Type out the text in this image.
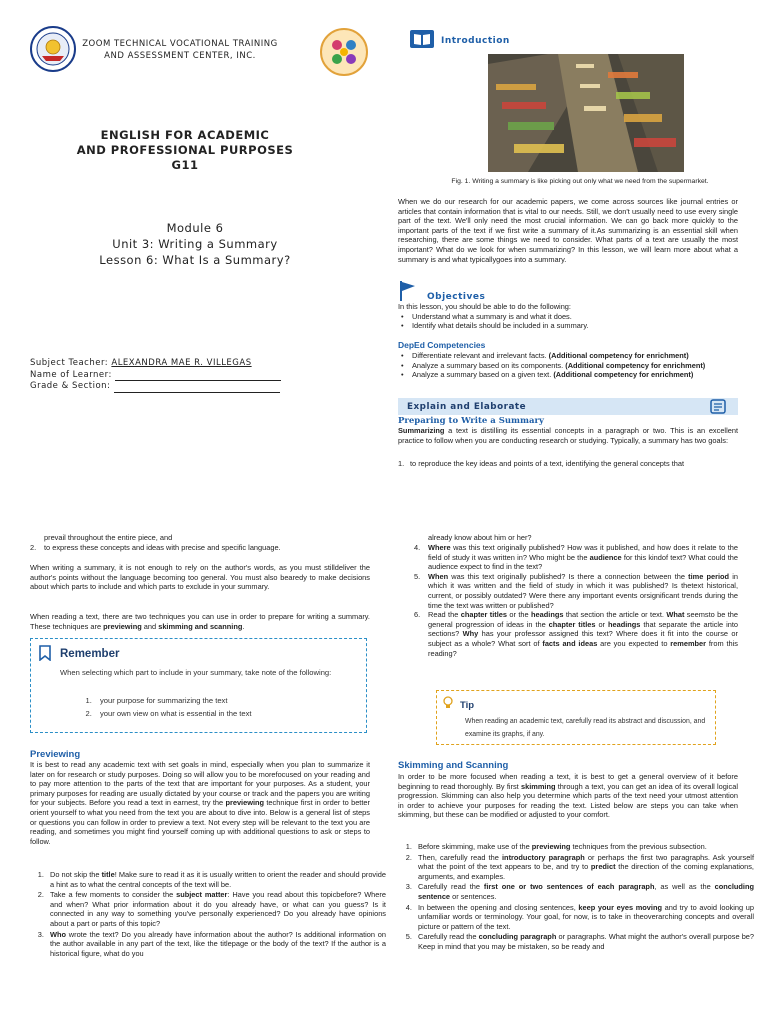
ZOOM TECHNICAL VOCATIONAL TRAINING
AND ASSESSMENT CENTER, INC.
ENGLISH FOR ACADEMIC
AND PROFESSIONAL PURPOSES
G11
Module 6
Unit 3: Writing a Summary
Lesson 6: What Is a Summary?
Subject Teacher: ALEXANDRA MAE R. VILLEGAS
Name of Learner:
Grade & Section:
Introduction
Fig. 1. Writing a summary is like picking out only what we need from the supermarket.
When we do our research for our academic papers, we come across sources like journal entries or articles that contain information that is vital to our needs. Still, we don't usually need to use every single part of the text. We'll only need the most crucial information. We can go back more quickly to the important parts of the text if we first write a summary of it.As summarizing is an essential skill when researching, there are some things we need to consider. What parts of a text are usually the most important? What do we look for when summarizing? In this lesson, we will learn more about what a summary is and what typicallygoes into a summary.
Objectives
In this lesson, you should be able to do the following:
• Understand what a summary is and what it does.
• Identify what details should be included in a summary.
DepEd Competencies
• Differentiate relevant and irrelevant facts. (Additional competency for enrichment)
• Analyze a summary based on its components. (Additional competency for enrichment)
• Analyze a summary based on a given text. (Additional competency for enrichment)
Explain and Elaborate
Preparing to Write a Summary
Summarizing a text is distilling its essential concepts in a paragraph or two. This is an excellent practice to follow when you are conducting research or studying. Typically, a summary has two goals:
1. to reproduce the key ideas and points of a text, identifying the general concepts that
prevail throughout the entire piece, and
2. to express these concepts and ideas with precise and specific language.
When writing a summary, it is not enough to rely on the author's words, as you must stilldeliver the author's points without the language becoming too general. You must also bearedy to make decisions about which parts to include and which parts to exclude in your summary.
When reading a text, there are two techniques you can use in order to prepare for writing a summary. These techniques are previewing and skimming and scanning.
Remember
When selecting which part to include in your summary, take note of the following:
1. your purpose for summarizing the text
2. your own view on what is essential in the text
Previewing
It is best to read any academic text with set goals in mind, especially when you plan to summarize it later on for research or study purposes. Doing so will allow you to be morefocused on your reading and to pay more attention to the parts of the text that are important for your purposes. As a student, your primary purposes for reading are usually dictated by your course or track and the papers you are writing for your subjects. Before you read a text in earnest, try the previewing technique first in order to better orient yourself to what you need from the text you are about to dive into. Below is a general list of steps or questions you can follow in order to preview a text. Not every step will be relevant to the text you are reading, and sometimes you might find yourself coming up with additional questions to ask or steps to follow.
1. Do not skip the title! Make sure to read it as it is usually written to orient the reader and should provide a hint as to what the central concepts of the text will be.
2. Take a few moments to consider the subject matter: Have you read about this topicbefore? Where and when? What prior information about it do you already have, or what can you guess? Is it connected in any way to something you've personally experienced? Do you already have opinions about a part or parts of this topic?
3. Who wrote the text? Do you already have information about the author? Is additional information on the author available in any part of the text, like the titlepage or the body of the text? If the author is a historical figure, what do you
already know about him or her?
4. Where was this text originally published? How was it published, and how does it relate to the field of study it was written in? Who might be the audience for this kindof text? What could the audience expect to find in the text?
5. When was this text originally published? Is there a connection between the time period in which it was written and the field of study in which it was published? Is thetext historical, current, or possibly outdated? Were there any important events orsignificant trends during the time the text was written or published?
6. Read the chapter titles or the headings that section the article or text. What seemsto be the general progression of ideas in the chapter titles or headings that separate the article into sections? Why has your professor assigned this text? Where does it fit into the course or subject as a whole? What sort of facts and ideas are you expected to remember from this reading?
Tip
When reading an academic text, carefully read its abstract and discussion, and examine its graphs, if any.
Skimming and Scanning
In order to be more focused when reading a text, it is best to get a general overview of it before beginning to read thoroughly. By first skimming through a text, you can get an idea of its overall logical progression. Skimming can also help you determine which parts of the text need your utmost attention in order to achieve your purposes for reading the text. Listed below are steps you can take when skimming, but these can be modified or adjusted to your comfort.
1. Before skimming, make use of the previewing techniques from the previous subsection.
2. Then, carefully read the introductory paragraph or perhaps the first two paragraphs. Ask yourself what the point of the text appears to be, and try to predict the direction of the coming explanations, arguments, and examples.
3. Carefully read the first one or two sentences of each paragraph, as well as the concluding sentence or sentences.
4. In between the opening and closing sentences, keep your eyes moving and try to avoid looking up unfamiliar words or terminology. Your goal, for now, is to take in theoverarching concepts and overall picture or pattern of the text.
5. Carefully read the concluding paragraph or paragraphs. What might the author's overall purpose be? Keep in mind that you may be mistaken, so be ready and
